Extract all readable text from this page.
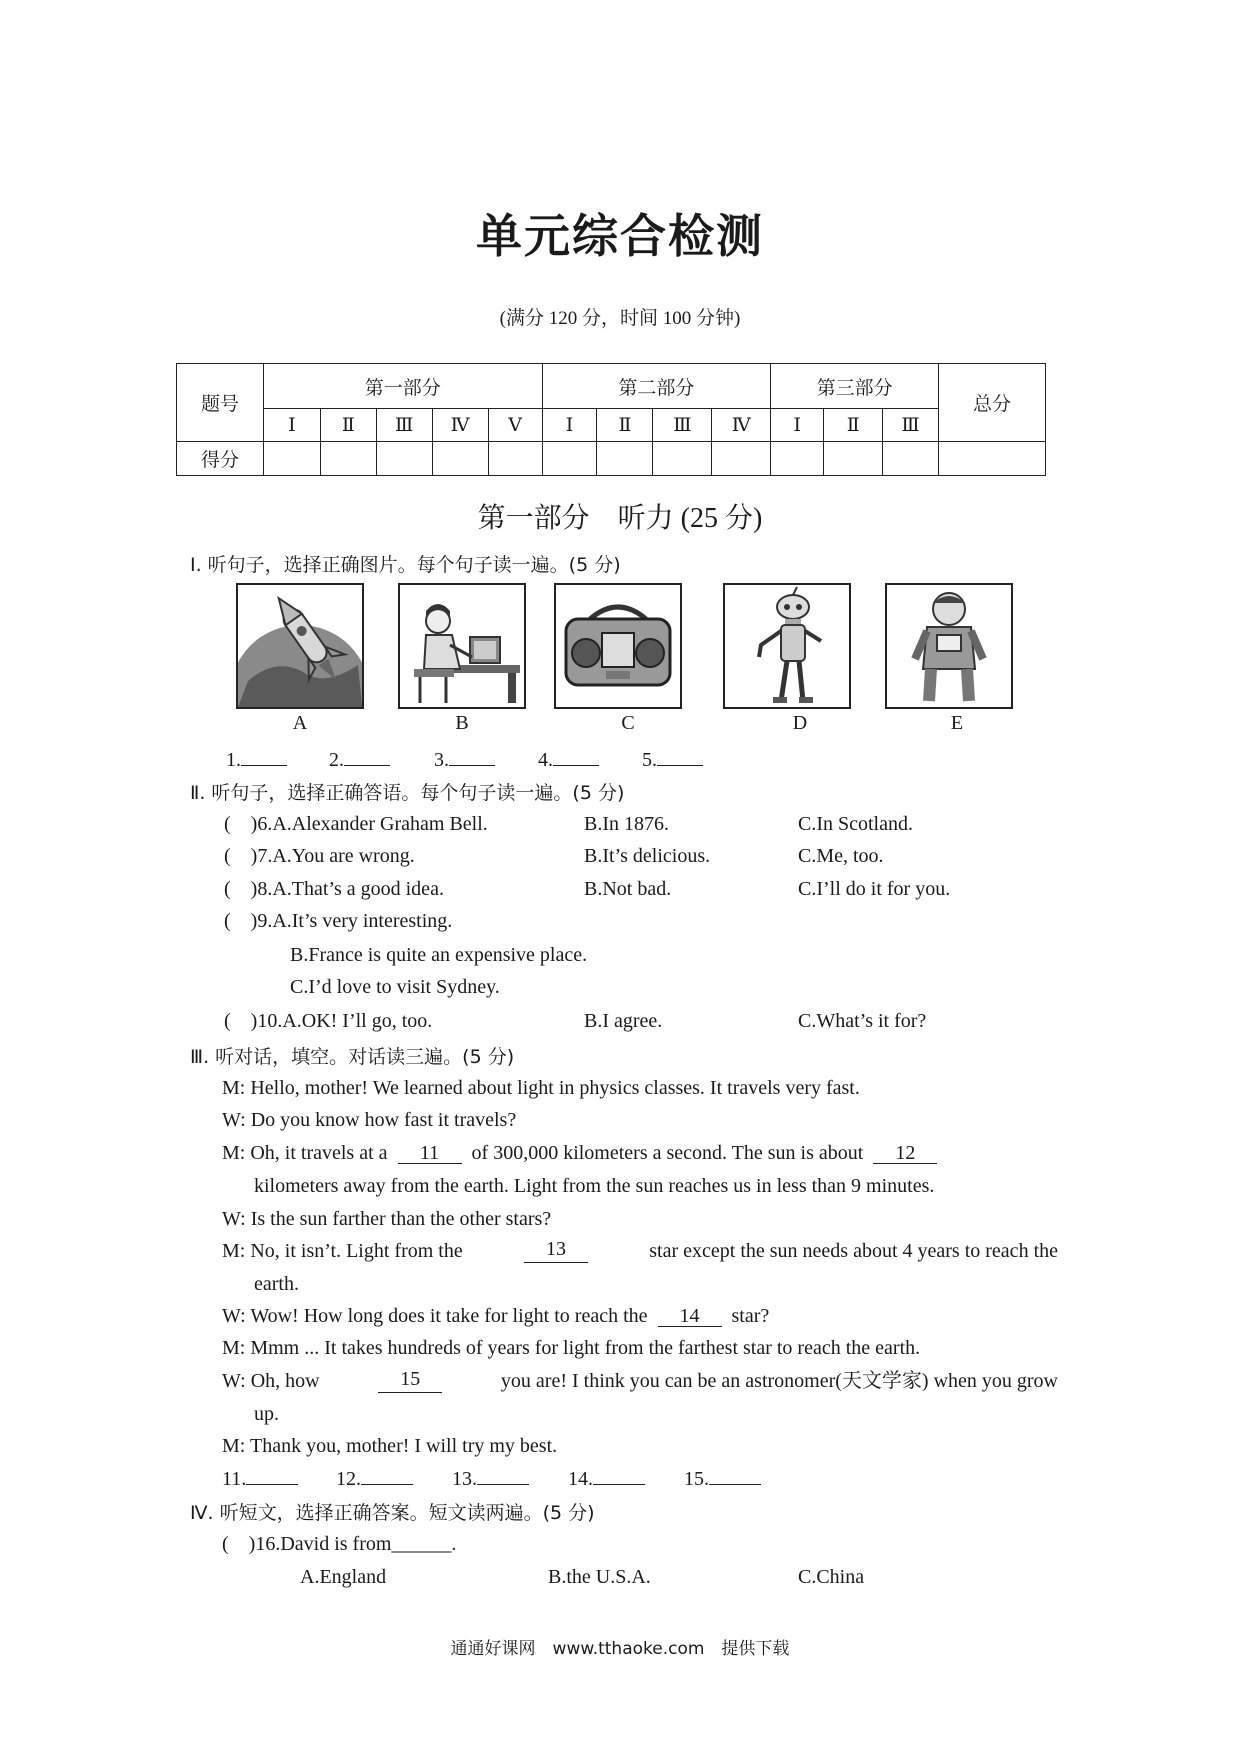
单元综合检测
(满分 120 分，时间 100 分钟)
题号	第一部分					第二部分				第三部分			总分
	Ⅰ	Ⅱ	Ⅲ	Ⅳ	Ⅴ	Ⅰ	Ⅱ	Ⅲ	Ⅳ	Ⅰ	Ⅱ	Ⅲ	
得分													
第一部分　听力 (25 分)
Ⅰ. 听句子，选择正确图片。每个句子读一遍。(5 分)
A	B	C	D	E
1.	2.	3.	4.	5.
Ⅱ. 听句子，选择正确答语。每个句子读一遍。(5 分)
(　)6.A.Alexander Graham Bell.	B.In 1876.	C.In Scotland.
(　)7.A.You are wrong.	B.It’s delicious.	C.Me, too.
(　)8.A.That’s a good idea.	B.Not bad.	C.I’ll do it for you.
(　)9.A.It’s very interesting.
B.France is quite an expensive place.
C.I’d love to visit Sydney.
(　)10.A.OK! I’ll go, too.	B.I agree.	C.What’s it for?
Ⅲ. 听对话，填空。对话读三遍。(5 分)
M: Hello, mother! We learned about light in physics classes. It travels very fast.
W: Do you know how fast it travels?
M: Oh, it travels at a 11 of 300,000 kilometers a second. The sun is about 12
kilometers away from the earth. Light from the sun reaches us in less than 9 minutes.
W: Is the sun farther than the other stars?
M: No, it isn’t. Light from the	13	star except the sun needs about 4 years to reach the
earth.
W: Wow! How long does it take for light to reach the 14 star?
M: Mmm ... It takes hundreds of years for light from the farthest star to reach the earth.
W: Oh, how	15	you are! I think you can be an astronomer(天文学家) when you grow
up.
M: Thank you, mother! I will try my best.
11.	12.	13.	14.	15.
Ⅳ. 听短文，选择正确答案。短文读两遍。(5 分)
(　)16.David is from______.
A.England	B.the U.S.A.	C.China
通通好课网　www.tthaoke.com　提供下载
